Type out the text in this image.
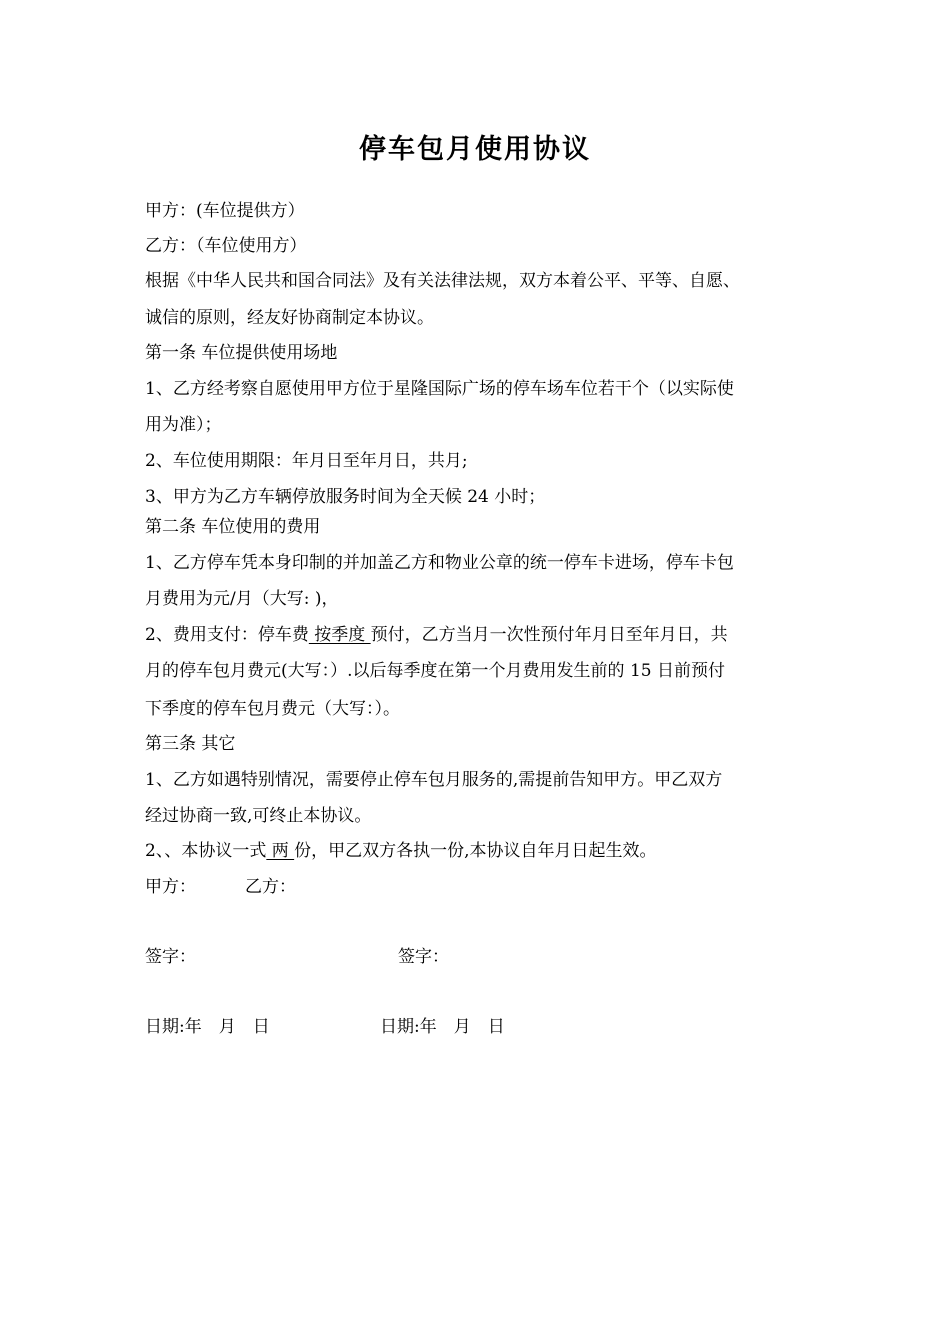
停车包月使用协议
甲方：(车位提供方）
乙方：（车位使用方）
根据《中华人民共和国合同法》及有关法律法规，双方本着公平、平等、自愿、
诚信的原则，经友好协商制定本协议。
第一条 车位提供使用场地
1、乙方经考察自愿使用甲方位于星隆国际广场的停车场车位若干个（以实际使
用为准）；
2、车位使用期限：年月日至年月日，共月;
3、甲方为乙方车辆停放服务时间为全天候 24 小时；
第二条 车位使用的费用
1、乙方停车凭本身印制的并加盖乙方和物业公章的统一停车卡进场，停车卡包
月费用为元/月（大写: )，
2、费用支付：停车费 按季度 预付，乙方当月一次性预付年月日至年月日，共
月的停车包月费元(大写：）.以后每季度在第一个月费用发生前的 15 日前预付
下季度的停车包月费元（大写：）。
第三条 其它
1、乙方如遇特别情况，需要停止停车包月服务的,需提前告知甲方。甲乙双方
经过协商一致,可终止本协议。
2、、本协议一式 两 份，甲乙双方各执一份,本协议自年月日起生效。
甲方：	乙方：
签字：	签字：
日期:年　月　日	日期:年　月　日
